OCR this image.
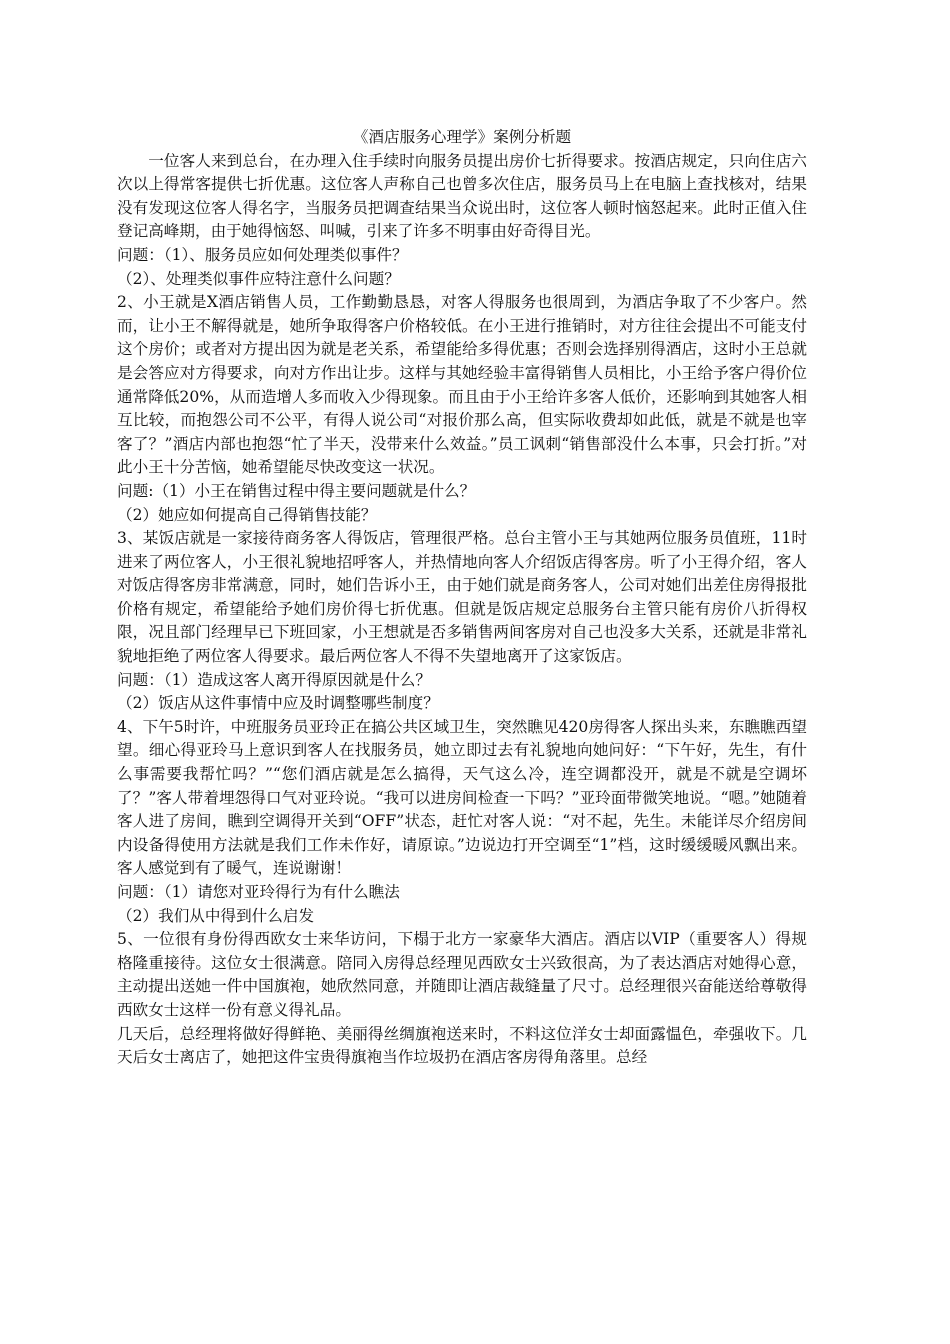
《酒店服务心理学》案例分析题

一位客人来到总台，在办理入住手续时向服务员提出房价七折得要求。按酒店规定，只向住店六次以上得常客提供七折优惠。这位客人声称自己也曾多次住店，服务员马上在电脑上查找核对，结果没有发现这位客人得名字，当服务员把调查结果当众说出时，这位客人顿时恼怒起来。此时正值入住登记高峰期，由于她得恼怒、叫喊，引来了许多不明事由好奇得目光。

问题：（1）、服务员应如何处理类似事件？

（2）、处理类似事件应特注意什么问题？

2、小王就是X酒店销售人员，工作勤勤恳恳，对客人得服务也很周到，为酒店争取了不少客户。然而，让小王不解得就是，她所争取得客户价格较低。在小王进行推销时，对方往往会提出不可能支付这个房价；或者对方提出因为就是老关系，希望能给多得优惠；否则会选择别得酒店，这时小王总就是会答应对方得要求，向对方作出让步。这样与其她经验丰富得销售人员相比，小王给予客户得价位通常降低20%，从而造增人多而收入少得现象。而且由于小王给许多客人低价，还影响到其她客人相互比较，而抱怨公司不公平，有得人说公司“对报价那么高，但实际收费却如此低，就是不就是也宰客了？”酒店内部也抱怨“忙了半天，没带来什么效益。”员工讽刺“销售部没什么本事，只会打折。”对此小王十分苦恼，她希望能尽快改变这一状况。

问题:（1）小王在销售过程中得主要问题就是什么？

（2）她应如何提高自己得销售技能？

3、某饭店就是一家接待商务客人得饭店，管理很严格。总台主管小王与其她两位服务员值班，11时进来了两位客人，小王很礼貌地招呼客人，并热情地向客人介绍饭店得客房。听了小王得介绍，客人对饭店得客房非常满意，同时，她们告诉小王，由于她们就是商务客人，公司对她们出差住房得报批价格有规定，希望能给予她们房价得七折优惠。但就是饭店规定总服务台主管只能有房价八折得权限，况且部门经理早已下班回家，小王想就是否多销售两间客房对自己也没多大关系，还就是非常礼貌地拒绝了两位客人得要求。最后两位客人不得不失望地离开了这家饭店。

问题：（1）造成这客人离开得原因就是什么？

（2）饭店从这件事情中应及时调整哪些制度？

4、下午5时许，中班服务员亚玲正在搞公共区域卫生，突然瞧见420房得客人探出头来，东瞧瞧西望望。细心得亚玲马上意识到客人在找服务员，她立即过去有礼貌地向她问好：“下午好，先生，有什么事需要我帮忙吗？”“您们酒店就是怎么搞得，天气这么冷，连空调都没开，就是不就是空调坏了？”客人带着埋怨得口气对亚玲说。“我可以进房间检查一下吗？”亚玲面带微笑地说。“嗯。”她随着客人进了房间，瞧到空调得开关到“OFF”状态，赶忙对客人说：“对不起，先生。未能详尽介绍房间内设备得使用方法就是我们工作未作好，请原谅。”边说边打开空调至“1”档，这时缓缓暖风飘出来。客人感觉到有了暖气，连说谢谢！

问题：（1）请您对亚玲得行为有什么瞧法

（2）我们从中得到什么启发

5、一位很有身份得西欧女士来华访问，下榻于北方一家豪华大酒店。酒店以VIP（重要客人）得规格隆重接待。这位女士很满意。陪同入房得总经理见西欧女士兴致很高，为了表达酒店对她得心意，主动提出送她一件中国旗袍，她欣然同意，并随即让酒店裁缝量了尺寸。总经理很兴奋能送给尊敬得西欧女士这样一份有意义得礼品。

几天后，总经理将做好得鲜艳、美丽得丝绸旗袍送来时，不料这位洋女士却面露愠色，牵强收下。几天后女士离店了，她把这件宝贵得旗袍当作垃圾扔在酒店客房得角落里。总经
